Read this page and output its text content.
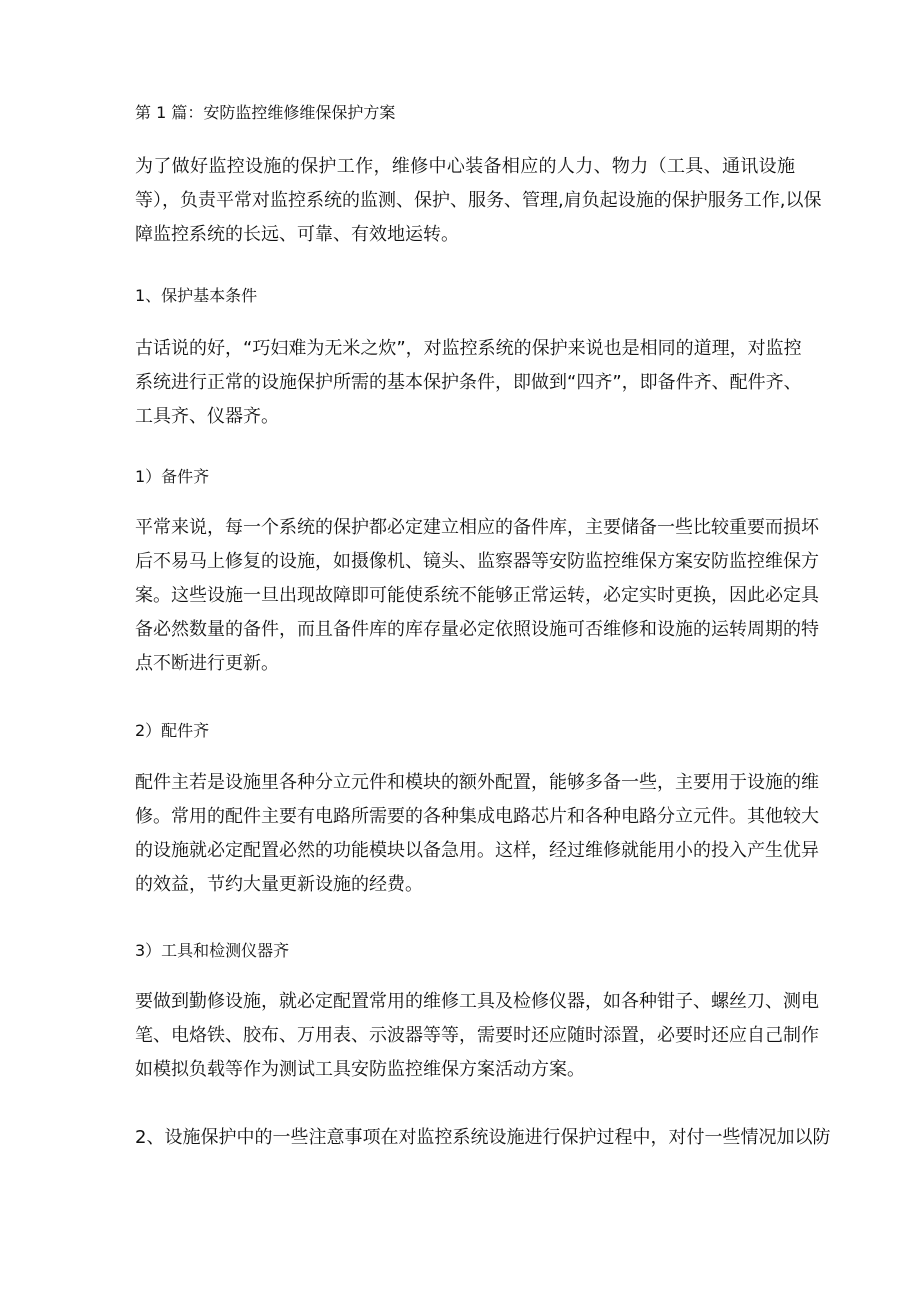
第 1 篇：安防监控维修维保保护方案
为了做好监控设施的保护工作，维修中心装备相应的人力、物力（工具、通讯设施
等），负责平常对监控系统的监测、保护、服务、管理,肩负起设施的保护服务工作,以保
障监控系统的长远、可靠、有效地运转。
1、保护基本条件
古话说的好，“巧妇难为无米之炊”，对监控系统的保护来说也是相同的道理，对监控
系统进行正常的设施保护所需的基本保护条件，即做到“四齐”，即备件齐、配件齐、
工具齐、仪器齐。
1）备件齐
平常来说，每一个系统的保护都必定建立相应的备件库，主要储备一些比较重要而损坏
后不易马上修复的设施，如摄像机、镜头、监察器等安防监控维保方案安防监控维保方
案。这些设施一旦出现故障即可能使系统不能够正常运转，必定实时更换，因此必定具
备必然数量的备件，而且备件库的库存量必定依照设施可否维修和设施的运转周期的特
点不断进行更新。
2）配件齐
配件主若是设施里各种分立元件和模块的额外配置，能够多备一些，主要用于设施的维
修。常用的配件主要有电路所需要的各种集成电路芯片和各种电路分立元件。其他较大
的设施就必定配置必然的功能模块以备急用。这样，经过维修就能用小的投入产生优异
的效益，节约大量更新设施的经费。
3）工具和检测仪器齐
要做到勤修设施，就必定配置常用的维修工具及检修仪器，如各种钳子、螺丝刀、测电
笔、电烙铁、胶布、万用表、示波器等等，需要时还应随时添置，必要时还应自己制作
如模拟负载等作为测试工具安防监控维保方案活动方案。
2、设施保护中的一些注意事项在对监控系统设施进行保护过程中，对付一些情况加以防
